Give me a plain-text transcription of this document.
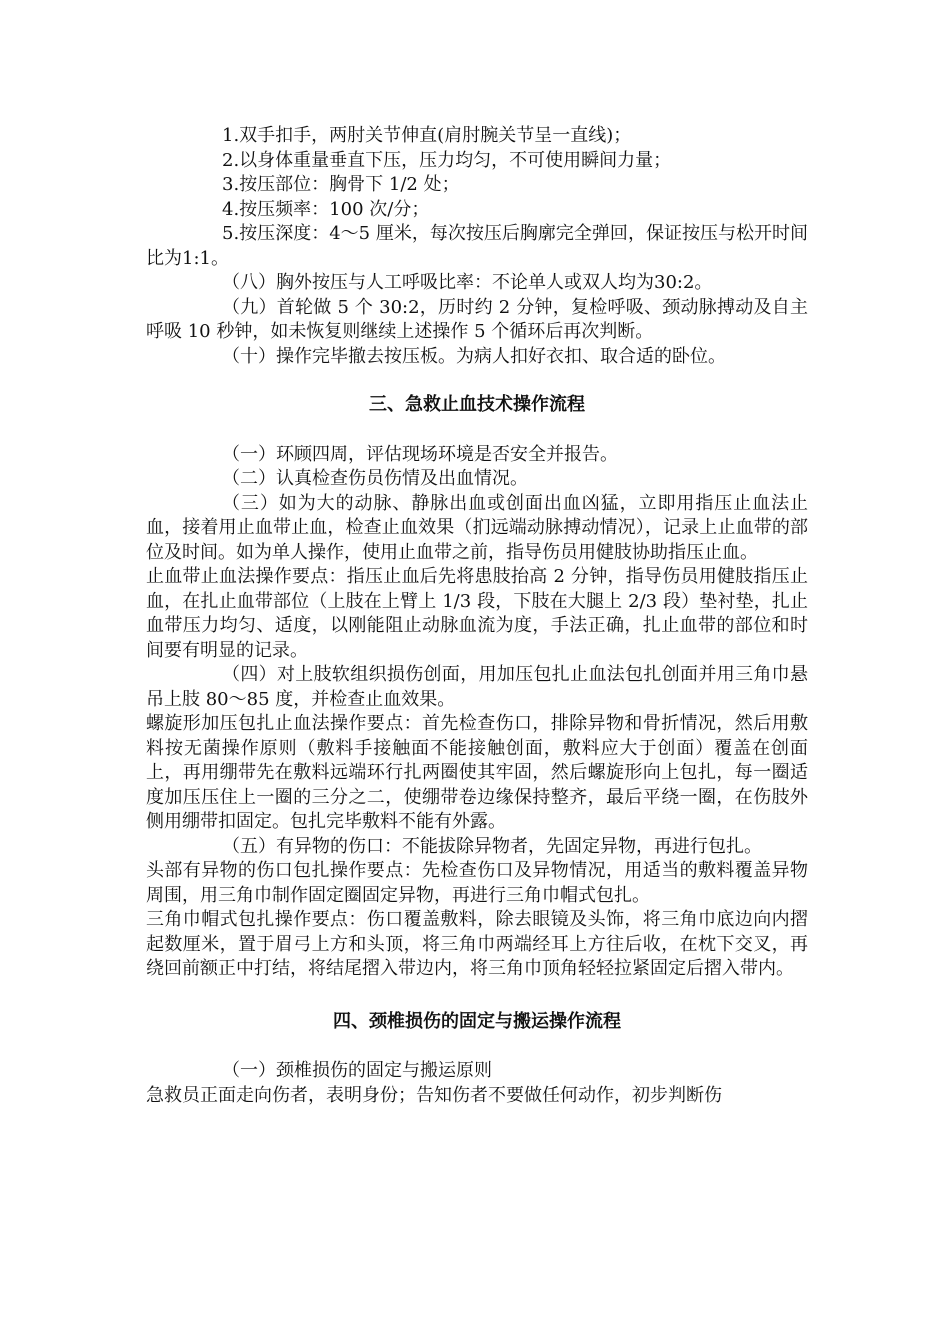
1.双手扣手，两肘关节伸直(肩肘腕关节呈一直线)；

2.以身体重量垂直下压，压力均匀，不可使用瞬间力量；

3.按压部位：胸骨下 1/2 处；

4.按压频率：100 次/分；

5.按压深度：4～5 厘米，每次按压后胸廓完全弹回，保证按压与松开时间比为1:1。

（八）胸外按压与人工呼吸比率：不论单人或双人均为30:2。

（九）首轮做 5 个 30:2，历时约 2 分钟，复检呼吸、颈动脉搏动及自主呼吸 10 秒钟，如未恢复则继续上述操作 5 个循环后再次判断。

（十）操作完毕撤去按压板。为病人扣好衣扣、取合适的卧位。

三、急救止血技术操作流程

（一）环顾四周，评估现场环境是否安全并报告。

（二）认真检查伤员伤情及出血情况。

（三）如为大的动脉、静脉出血或创面出血凶猛，立即用指压止血法止血，接着用止血带止血，检查止血效果（扪远端动脉搏动情况），记录上止血带的部位及时间。如为单人操作，使用止血带之前，指导伤员用健肢协助指压止血。

止血带止血法操作要点：指压止血后先将患肢抬高 2 分钟，指导伤员用健肢指压止血，在扎止血带部位（上肢在上臂上 1/3 段，下肢在大腿上 2/3 段）垫衬垫，扎止血带压力均匀、适度，以刚能阻止动脉血流为度，手法正确，扎止血带的部位和时间要有明显的记录。

（四）对上肢软组织损伤创面，用加压包扎止血法包扎创面并用三角巾悬吊上肢 80～85 度，并检查止血效果。

螺旋形加压包扎止血法操作要点：首先检查伤口，排除异物和骨折情况，然后用敷料按无菌操作原则（敷料手接触面不能接触创面，敷料应大于创面）覆盖在创面上，再用绷带先在敷料远端环行扎两圈使其牢固，然后螺旋形向上包扎，每一圈适度加压压住上一圈的三分之二，使绷带卷边缘保持整齐，最后平绕一圈，在伤肢外侧用绷带扣固定。包扎完毕敷料不能有外露。

（五）有异物的伤口：不能拔除异物者，先固定异物，再进行包扎。

头部有异物的伤口包扎操作要点：先检查伤口及异物情况，用适当的敷料覆盖异物周围，用三角巾制作固定圈固定异物，再进行三角巾帽式包扎。

三角巾帽式包扎操作要点：伤口覆盖敷料，除去眼镜及头饰，将三角巾底边向内摺起数厘米，置于眉弓上方和头顶，将三角巾两端经耳上方往后收，在枕下交叉，再绕回前额正中打结，将结尾摺入带边内，将三角巾顶角轻轻拉紧固定后摺入带内。

四、颈椎损伤的固定与搬运操作流程

（一）颈椎损伤的固定与搬运原则

急救员正面走向伤者，表明身份；告知伤者不要做任何动作，初步判断伤
